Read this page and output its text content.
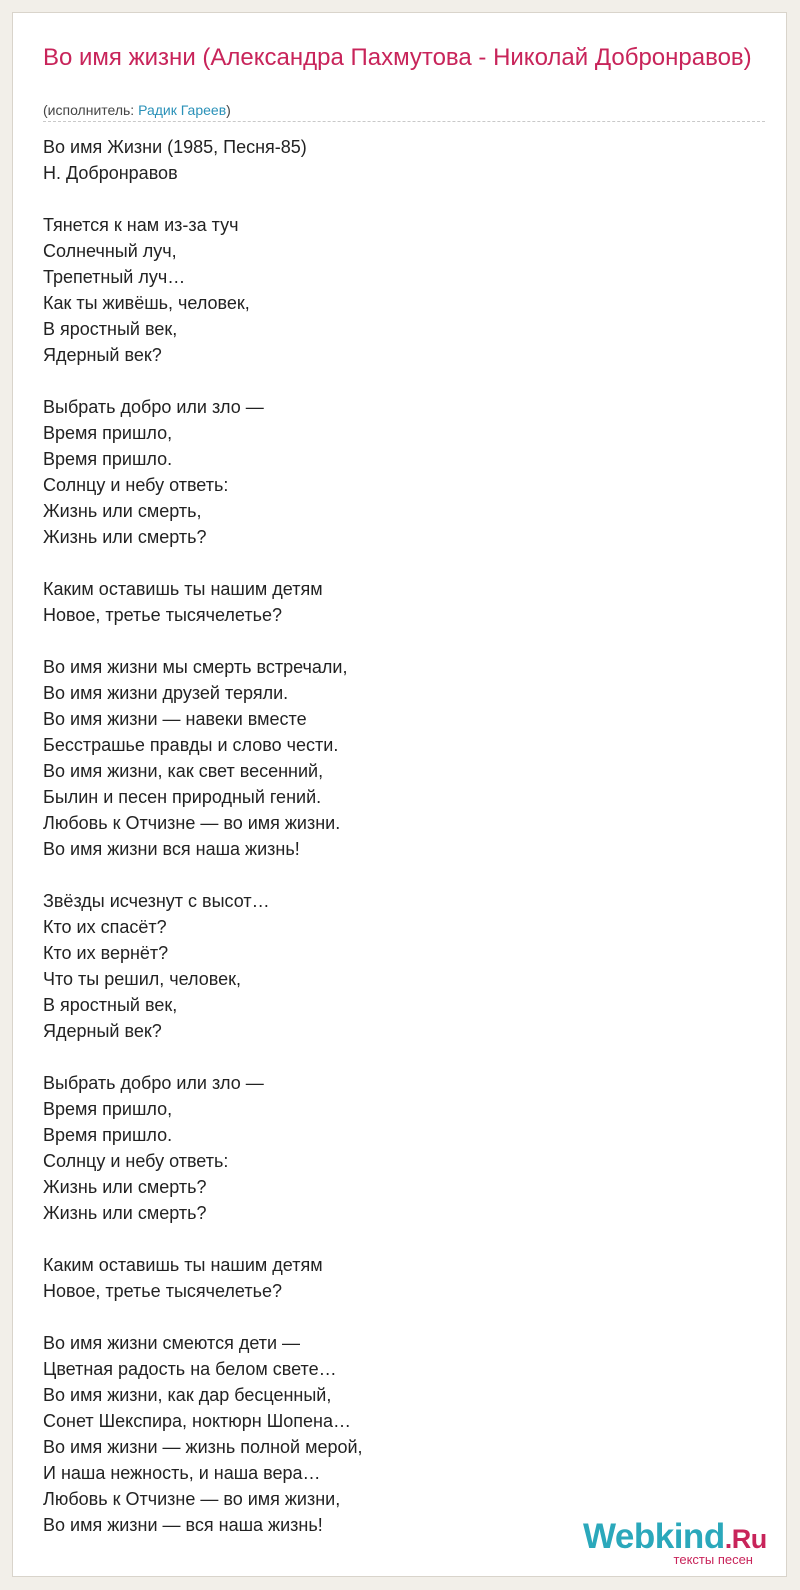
Во имя жизни (Александра Пахмутова - Николай Добронравов)
(исполнитель: Радик Гареев)
Во имя Жизни (1985, Песня-85)
Н. Добронравов
Тянется к нам из-за туч
Солнечный луч,
Трепетный луч…
Как ты живёшь, человек,
В яростный век,
Ядерный век?
Выбрать добро или зло —
Время пришло,
Время пришло.
Солнцу и небу ответь:
Жизнь или смерть,
Жизнь или смерть?
Каким оставишь ты нашим детям
Новое, третье тысячелетье?
Во имя жизни мы смерть встречали,
Во имя жизни друзей теряли.
Во имя жизни — навеки вместе
Бесстрашье правды и слово чести.
Во имя жизни, как свет весенний,
Былин и песен природный гений.
Любовь к Отчизне — во имя жизни.
Во имя жизни вся наша жизнь!
Звёзды исчезнут с высот…
Кто их спасёт?
Кто их вернёт?
Что ты решил, человек,
В яростный век,
Ядерный век?
Выбрать добро или зло —
Время пришло,
Время пришло.
Солнцу и небу ответь:
Жизнь или смерть?
Жизнь или смерть?
Каким оставишь ты нашим детям
Новое, третье тысячелетье?
Во имя жизни смеются дети —
Цветная радость на белом свете…
Во имя жизни, как дар бесценный,
Сонет Шекспира, ноктюрн Шопена…
Во имя жизни — жизнь полной мерой,
И наша нежность, и наша вера…
Любовь к Отчизне — во имя жизни,
Во имя жизни — вся наша жизнь!	Webkind.Ru
тексты песен
